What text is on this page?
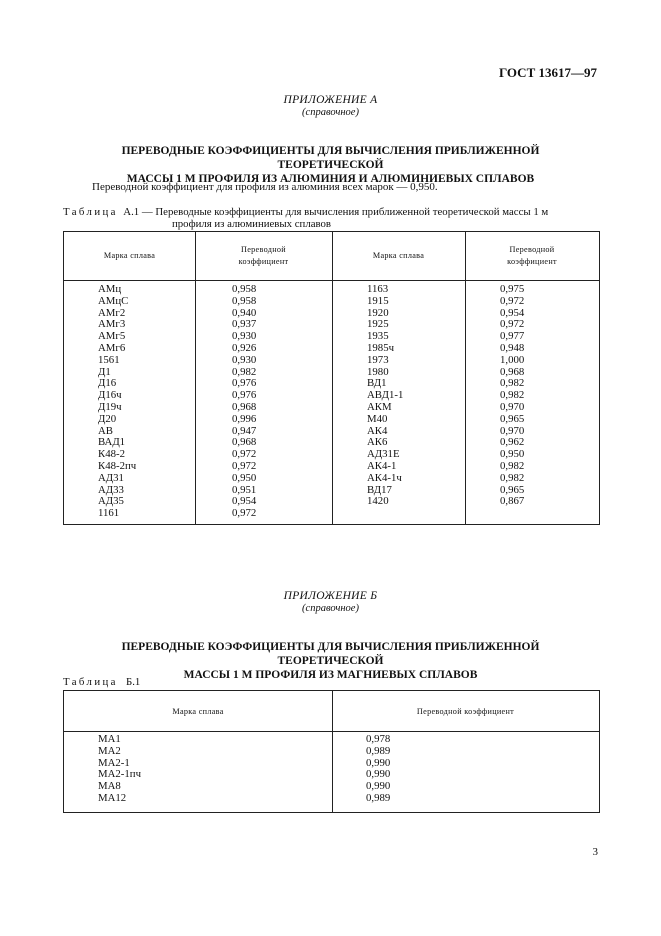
ГОСТ 13617—97
ПРИЛОЖЕНИЕ А
(справочное)
ПЕРЕВОДНЫЕ КОЭФФИЦИЕНТЫ ДЛЯ ВЫЧИСЛЕНИЯ ПРИБЛИЖЕННОЙ ТЕОРЕТИЧЕСКОЙ
МАССЫ 1 М ПРОФИЛЯ ИЗ АЛЮМИНИЯ И АЛЮМИНИЕВЫХ СПЛАВОВ
Переводной коэффициент для профиля из алюминия всех марок — 0,950.
Таблица А.1 — Переводные коэффициенты для вычисления приближенной теоретической массы 1 м
профиля из алюминиевых сплавов
Марка сплава
Переводной
коэффициент
Марка сплава
Переводной
коэффициент
АМц
АМцС
АМг2
АМг3
АМг5
АМг6
1561
Д1
Д16
Д16ч
Д19ч
Д20
АВ
ВАД1
К48-2
К48-2пч
АД31
АД33
АД35
1161
0,958
0,958
0,940
0,937
0,930
0,926
0,930
0,982
0,976
0,976
0,968
0,996
0,947
0,968
0,972
0,972
0,950
0,951
0,954
0,972
1163
1915
1920
1925
1935
1985ч
1973
1980
ВД1
АВД1-1
АКМ
М40
АК4
АК6
АД31Е
АК4-1
АК4-1ч
ВД17
1420
0,975
0,972
0,954
0,972
0,977
0,948
1,000
0,968
0,982
0,982
0,970
0,965
0,970
0,962
0,950
0,982
0,982
0,965
0,867
ПРИЛОЖЕНИЕ Б
(справочное)
ПЕРЕВОДНЫЕ КОЭФФИЦИЕНТЫ ДЛЯ ВЫЧИСЛЕНИЯ ПРИБЛИЖЕННОЙ ТЕОРЕТИЧЕСКОЙ
МАССЫ 1 М ПРОФИЛЯ ИЗ МАГНИЕВЫХ СПЛАВОВ
Таблица Б.1
Марка сплава	Переводной коэффициент
МА1
МА2
МА2-1
МА2-1пч
МА8
МА12
0,978
0,989
0,990
0,990
0,990
0,989
3
